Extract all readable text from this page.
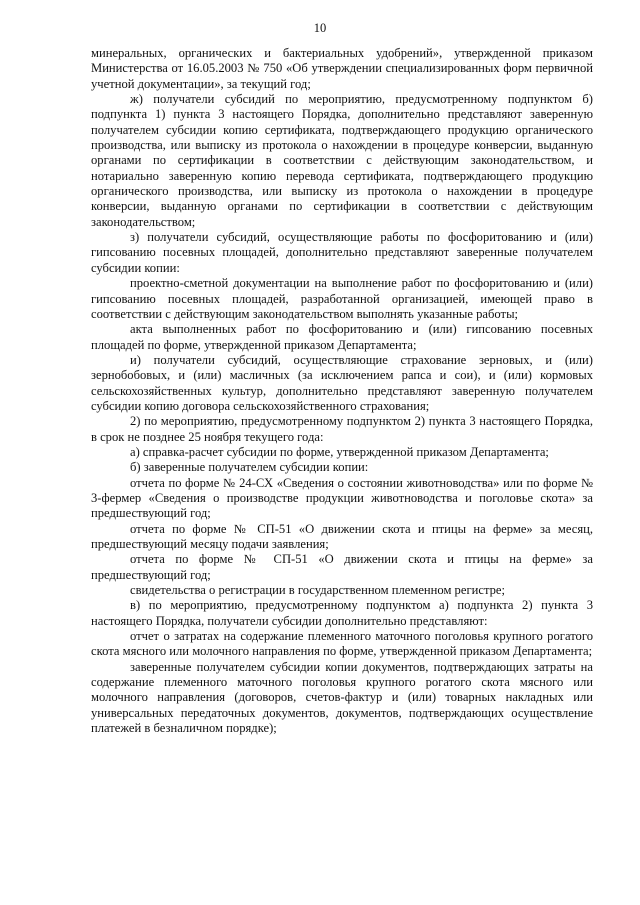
10

минеральных, органических и бактериальных удобрений», утвержденной приказом Министерства от 16.05.2003 № 750 «Об утверждении специализированных форм первичной учетной документации», за текущий год;

ж) получатели субсидий по мероприятию, предусмотренному подпунктом б) подпункта 1) пункта 3 настоящего Порядка, дополнительно представляют заверенную получателем субсидии копию сертификата, подтверждающего продукцию органического производства, или выписку из протокола о нахождении в процедуре конверсии, выданную органами по сертификации в соответствии с действующим законодательством, и нотариально заверенную копию перевода сертификата, подтверждающего продукцию органического производства, или выписку из протокола о нахождении в процедуре конверсии, выданную органами по сертификации в соответствии с действующим законодательством;

з) получатели субсидий, осуществляющие работы по фосфоритованию и (или) гипсованию посевных площадей, дополнительно представляют заверенные получателем субсидии копии:

проектно-сметной документации на выполнение работ по фосфоритованию и (или) гипсованию посевных площадей, разработанной организацией, имеющей право в соответствии с действующим законодательством выполнять указанные работы;

акта выполненных работ по фосфоритованию и (или) гипсованию посевных площадей по форме, утвержденной приказом Департамента;

и) получатели субсидий, осуществляющие страхование зерновых, и (или) зернобобовых, и (или) масличных (за исключением рапса и сои), и (или) кормовых сельскохозяйственных культур, дополнительно представляют заверенную получателем субсидии копию договора сельскохозяйственного страхования;

2) по мероприятию, предусмотренному подпунктом 2) пункта 3 настоящего Порядка, в срок не позднее 25 ноября текущего года:

а) справка-расчет субсидии по форме, утвержденной приказом Департамента;

б) заверенные получателем субсидии копии:

отчета по форме № 24-СХ «Сведения о состоянии животноводства» или по форме № 3-фермер «Сведения о производстве продукции животноводства и поголовье скота» за предшествующий год;

отчета по форме № СП-51 «О движении скота и птицы на ферме» за месяц, предшествующий месяцу подачи заявления;

отчета по форме № СП-51 «О движении скота и птицы на ферме» за предшествующий год;

свидетельства о регистрации в государственном племенном регистре;

в) по мероприятию, предусмотренному подпунктом а) подпункта 2) пункта 3 настоящего Порядка, получатели субсидии дополнительно представляют:

отчет о затратах на содержание племенного маточного поголовья крупного рогатого скота мясного или молочного направления по форме, утвержденной приказом Департамента;

заверенные получателем субсидии копии документов, подтверждающих затраты на содержание племенного маточного поголовья крупного рогатого скота мясного или молочного направления (договоров, счетов-фактур и (или) товарных накладных или универсальных передаточных документов, документов, подтверждающих осуществление платежей в безналичном порядке);
